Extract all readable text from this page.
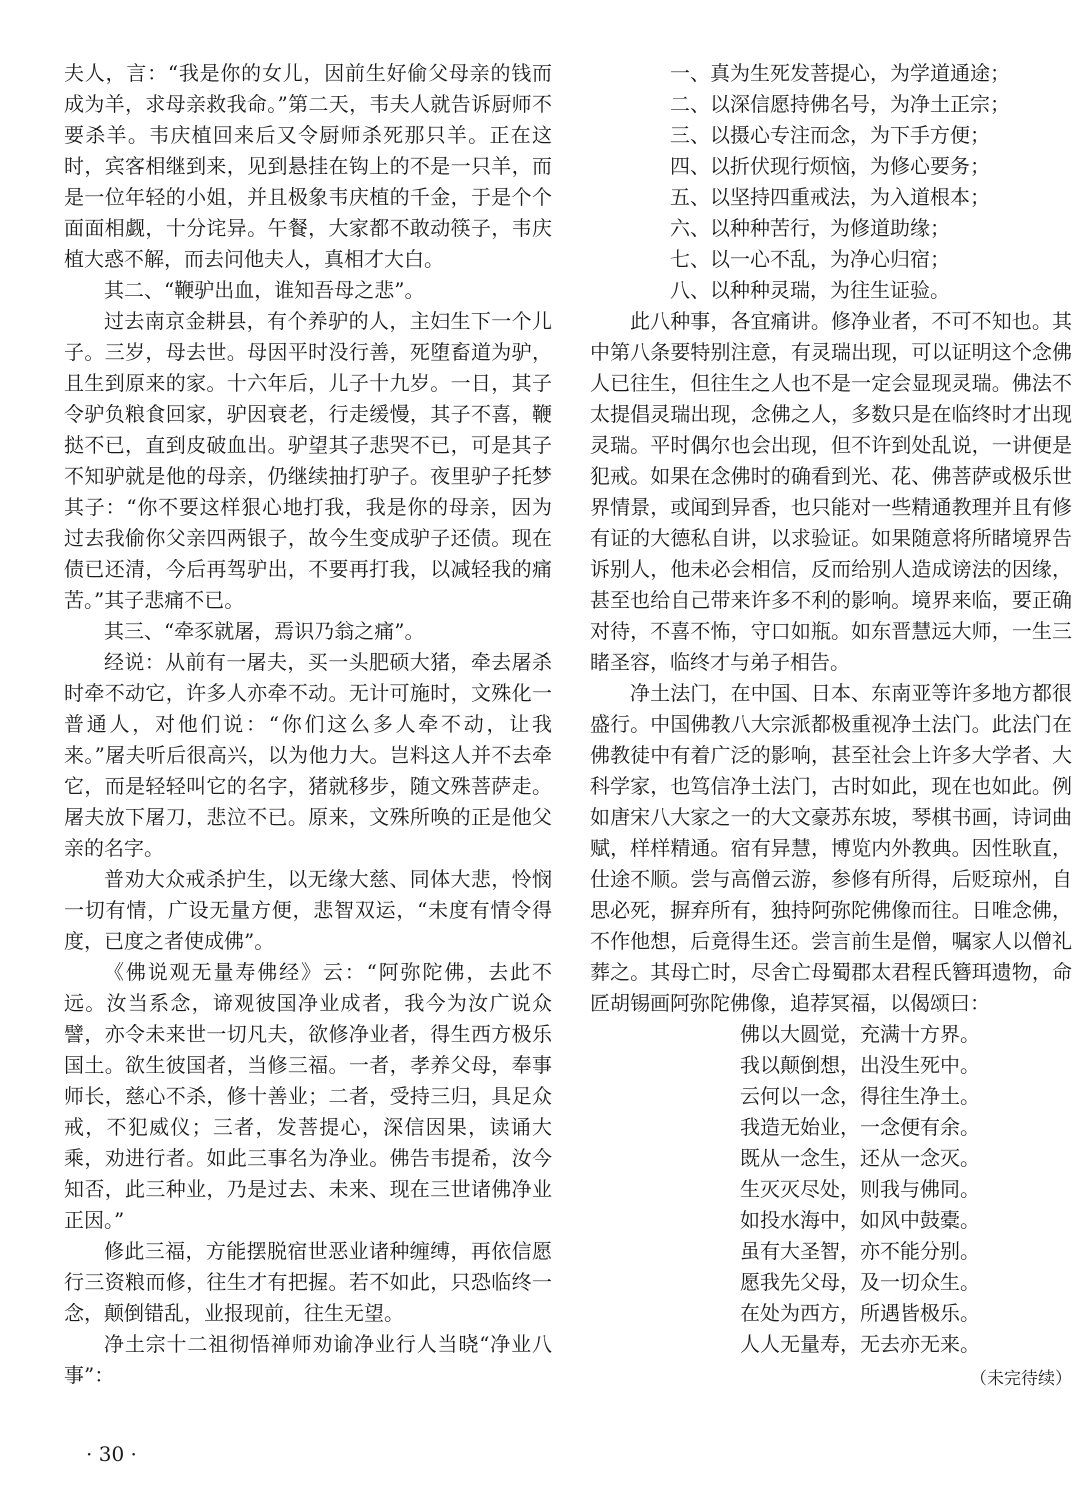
夫人，言：“我是你的女儿，因前生好偷父母亲的钱而成为羊，求母亲救我命。”第二天，韦夫人就告诉厨师不要杀羊。韦庆植回来后又令厨师杀死那只羊。正在这时，宾客相继到来，见到悬挂在钩上的不是一只羊，而是一位年轻的小姐，并且极象韦庆植的千金，于是个个面面相觑，十分诧异。午餐，大家都不敢动筷子，韦庆植大惑不解，而去问他夫人，真相才大白。

其二、“鞭驴出血，谁知吾母之悲”。

过去南京金耕县，有个养驴的人，主妇生下一个儿子。三岁，母去世。母因平时没行善，死堕畜道为驴，且生到原来的家。十六年后，儿子十九岁。一日，其子令驴负粮食回家，驴因衰老，行走缓慢，其子不喜，鞭挞不已，直到皮破血出。驴望其子悲哭不已，可是其子不知驴就是他的母亲，仍继续抽打驴子。夜里驴子托梦其子：“你不要这样狠心地打我，我是你的母亲，因为过去我偷你父亲四两银子，故今生变成驴子还债。现在债已还清，今后再驾驴出，不要再打我，以减轻我的痛苦。”其子悲痛不已。

其三、“牵豕就屠，焉识乃翁之痛”。

经说：从前有一屠夫，买一头肥硕大猪，牵去屠杀时牵不动它，许多人亦牵不动。无计可施时，文殊化一普通人，对他们说：“你们这么多人牵不动，让我来。”屠夫听后很高兴，以为他力大。岂料这人并不去牵它，而是轻轻叫它的名字，猪就移步，随文殊菩萨走。屠夫放下屠刀，悲泣不已。原来，文殊所唤的正是他父亲的名字。

普劝大众戒杀护生，以无缘大慈、同体大悲，怜悯一切有情，广设无量方便，悲智双运，“未度有情令得度，已度之者使成佛”。

《佛说观无量寿佛经》云：“阿弥陀佛，去此不远。汝当系念，谛观彼国净业成者，我今为汝广说众譬，亦令未来世一切凡夫，欲修净业者，得生西方极乐国土。欲生彼国者，当修三福。一者，孝养父母，奉事师长，慈心不杀，修十善业；二者，受持三归，具足众戒，不犯威仪；三者，发菩提心，深信因果，读诵大乘，劝进行者。如此三事名为净业。佛告韦提希，汝今知否，此三种业，乃是过去、未来、现在三世诸佛净业正因。”

修此三福，方能摆脱宿世恶业诸种缠缚，再依信愿行三资粮而修，往生才有把握。若不如此，只恐临终一念，颠倒错乱，业报现前，往生无望。

净土宗十二祖彻悟禅师劝谕净业行人当晓“净业八事”：

一、真为生死发菩提心，为学道通途；

二、以深信愿持佛名号，为净土正宗；

三、以摄心专注而念，为下手方便；

四、以折伏现行烦恼，为修心要务；

五、以坚持四重戒法，为入道根本；

六、以种种苦行，为修道助缘；

七、以一心不乱，为净心归宿；

八、以种种灵瑞，为往生证验。

此八种事，各宜痛讲。修净业者，不可不知也。其中第八条要特别注意，有灵瑞出现，可以证明这个念佛人已往生，但往生之人也不是一定会显现灵瑞。佛法不太提倡灵瑞出现，念佛之人，多数只是在临终时才出现灵瑞。平时偶尔也会出现，但不许到处乱说，一讲便是犯戒。如果在念佛时的确看到光、花、佛菩萨或极乐世界情景，或闻到异香，也只能对一些精通教理并且有修有证的大德私自讲，以求验证。如果随意将所睹境界告诉别人，他未必会相信，反而给别人造成谤法的因缘，甚至也给自己带来许多不利的影响。境界来临，要正确对待，不喜不怖，守口如瓶。如东晋慧远大师，一生三睹圣容，临终才与弟子相告。

净土法门，在中国、日本、东南亚等许多地方都很盛行。中国佛教八大宗派都极重视净土法门。此法门在佛教徒中有着广泛的影响，甚至社会上许多大学者、大科学家，也笃信净土法门，古时如此，现在也如此。例如唐宋八大家之一的大文豪苏东坡，琴棋书画，诗词曲赋，样样精通。宿有异慧，博览内外教典。因性耿直，仕途不顺。尝与高僧云游，参修有所得，后贬琼州，自思必死，摒弃所有，独持阿弥陀佛像而往。日唯念佛，不作他想，后竟得生还。尝言前生是僧，嘱家人以僧礼葬之。其母亡时，尽舍亡母蜀郡太君程氏簪珥遗物，命匠胡锡画阿弥陀佛像，追荐冥福，以偈颂曰：

佛以大圆觉，充满十方界。

我以颠倒想，出没生死中。

云何以一念，得往生净土。

我造无始业，一念便有余。

既从一念生，还从一念灭。

生灭灭尽处，则我与佛同。

如投水海中，如风中鼓橐。

虽有大圣智，亦不能分别。

愿我先父母，及一切众生。

在处为西方，所遇皆极乐。

人人无量寿，无去亦无来。

（未完待续）
· 30 ·
